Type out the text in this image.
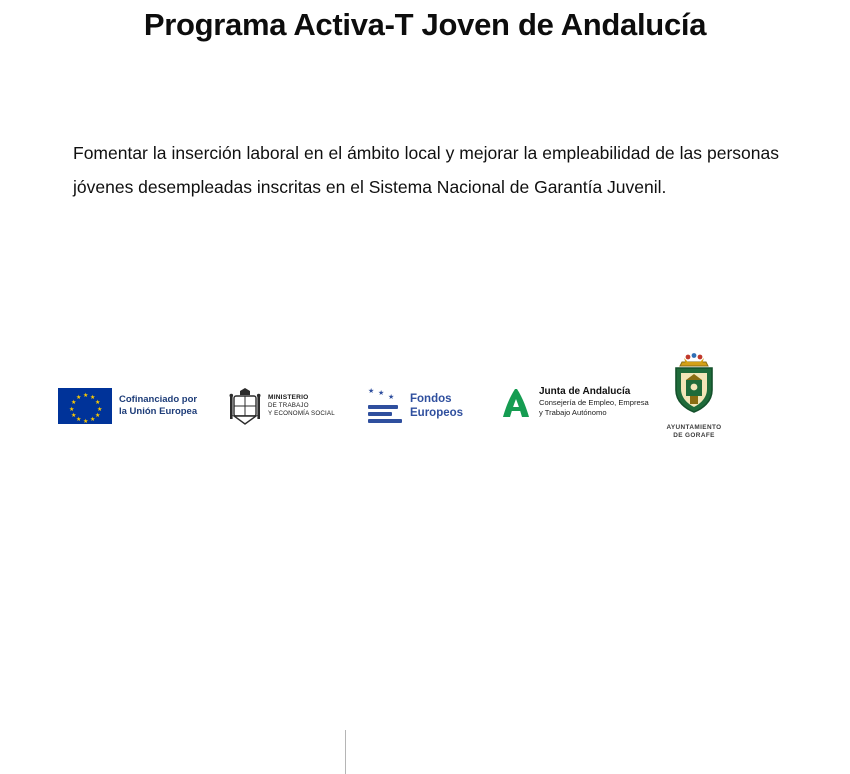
Programa Activa-T Joven de Andalucía
Fomentar la inserción laboral en el ámbito local y mejorar la empleabilidad de las personas jóvenes desempleadas inscritas en el Sistema Nacional de Garantía Juvenil.
★ ★
★
★
★
★
★
★
★
★
★
★	Cofinanciado por
la Unión Europea
MINISTERIO
DE TRABAJO
Y ECONOMÍA SOCIAL
★ ★
★ Fondos
Europeos
Junta de Andalucía
Consejería de Empleo, Empresa
y Trabajo Autónomo
AYUNTAMIENTO
DE GORAFE
